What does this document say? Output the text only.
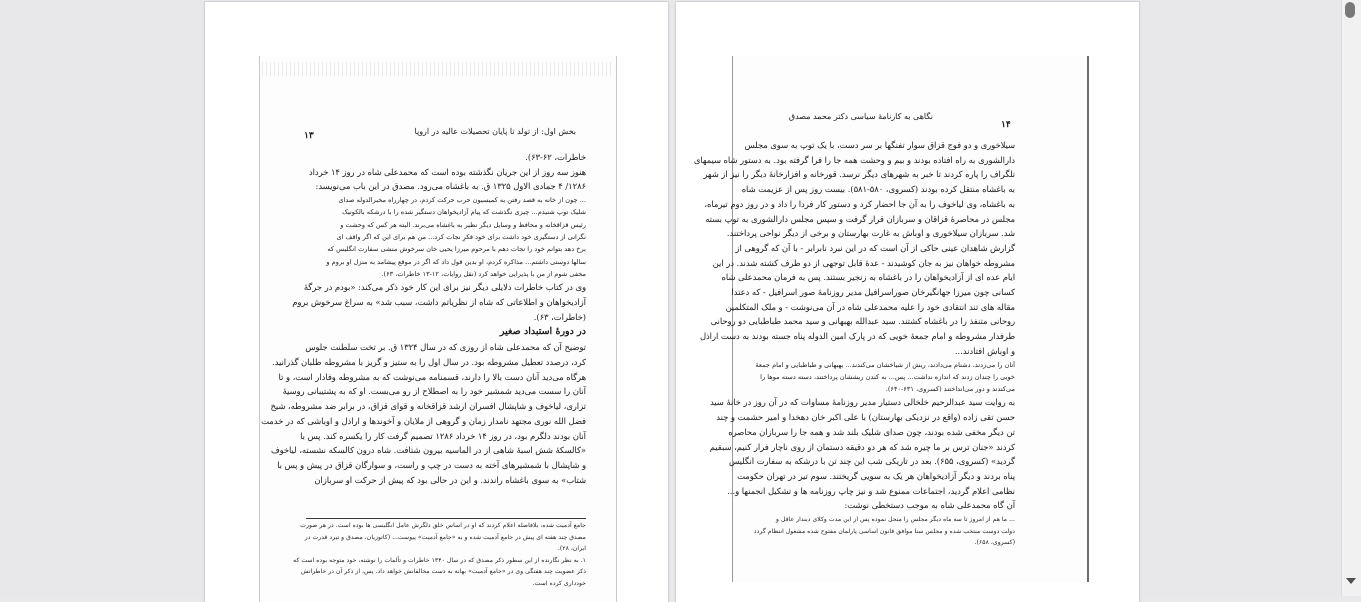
بخش اول: از تولد تا پایان تحصیلات عالیه در اروپا
۱۳
خاطرات، ۶۲-۶۳).
هنوز سه روز از این جریان نگذشته بوده است که محمدعلی شاه در روز ۱۴ خرداد
۱۲۸۶/ ۴ جمادی الاول ۱۳۲۵ ق. به باغشاه می‌رود. مصدق در این باب می‌نویسد:
... چون از خانه به قصد رفتن به کمیسیون حرب حرکت کردم، در چهارراه مخبرالدوله صدای
شلیک توپ شنیدم... چیزی نگذشت که پیام آزادیخواهان دستگیر شده را با درشکه بالکونیک
رئیس قزاقخانه و محافظ و وسایل دیگر نظیر به باغشاه می‌برند. البته هر کس که وحشت و
نگرانی از دستگیری خود داشت برای خود فکرِ نجات کرد... من هم برای این که اگر واقف ای
برخ دهد بتوانم خود را نجات دهم با مرحوم میرزا یحیی خان سرخوش منشی سفارت انگلیس که
سالها دوستی داشتم... مذاکره کردم، او بدین قول داد که اگر در موقع پیشامد به منزل او بروم و
مخفی شوم از من با پذیرایی خواهد کرد (نقل روایات، ۱۲-۱۳ خاطرات، ۶۳).
وی در کتاب خاطرات دلایلی دیگر نیز برای این کار خود ذکر می‌کند: «بودم در جرگهٔ
آزادیخواهان و اطلاعاتی که شاه از نظریاتم داشت، سبب شد» به سراغ سرخوش بروم
(خاطرات، ۶۳).
در دورهٔ استبداد صغیر
توضیح آن که محمدعلی شاه از روزی که در سال ۱۳۲۴ ق. بر تخت سلطنت جلوس
کرد، درصدد تعطیل مشروطه بود. در سال اول را به ستیز و گریز با مشروطه طلبان گذرانید.
هرگاه می‌دید آنان دست بالا را دارند، قسمنامه می‌نوشت که به مشروطه وفادار است، و تا
آنان را سست می‌دید شمشیر خود را به اصطلاح از رو می‌بست. او که به پشتیبانی روسیهٔ
تزاری، لیاخوف و شاپشال افسران ارشد قزاقخانه و قوای قزاق، در برابر ضد مشروطه، شیخ
فضل الله نوری مجتهد نامدار زمان و گروهی از ملایان و آخوندها و اراذل و اوباشی که در خدمت
آنان بودند دلگرم بود، در روز ۱۴ خرداد ۱۲۸۶ تصمیم گرفت کار را یکسره کند. پس با
«کالسکهٔ شش اسبهٔ شاهی از در الماسیه بیرون شتافت. شاه درون کالسکه نشسته، لیاخوف
و شاپشال با شمشیرهای آخته به دست در چپ و راست، و سوارگان قزاق در پیش و پس با
شتاب» به سوی باغشاه راندند. و این در حالی بود که پیش از حرکت او سربازان
جامع آدمیت شده، بلافاصله اعلام کردند که او در اساس خلق دلگرش عامل انگلیسی ها بوده است. در هر صورت
مصدق چند هفته ای پیش در جامع آدمیت شده و به «جامع آدمیت» پیوست... (کاتوزیان، مصدق و تبرد قدرت در
ایران، ۲۸).
۱. به نظر نگارنده از این سطور ذکر مصدق که در سال ۱۳۴۰ خاطرات و تألمات را نوشته، خود متوجه بوده است که
ذکر عضویت چند هفتگی وی در «جامع آدمیت» بهانه به دست مخالفانش خواهد داد. پس، از ذکر آن در خاطراتش
خودداری کرده است.
نگاهی به کارنامهٔ سیاسی دکتر محمد مصدق
۱۴
سیلاخوری و دو فوج قزاق سوار تفنگها بر سر دست، با یک توپ به سوی مجلس
دارالشوری به راه افتاده بودند و بیم و وحشت همه جا را فرا گرفته بود. به دستور شاه سیمهای
تلگراف را پاره کردند تا خبر به شهرهای دیگر نرسد. قورخانه و افزارخانهٔ دیگر را نیز از شهر
به باغشاه منتقل کرده بودند (کسروی، ۵۸۰-۵۸۱). بیست روز پس از عزیمت شاه
به باغشاه، وی لیاخوف را به آن جا احضار کرد و دستور کار فردا را داد و در روز دوم تیرماه،
مجلس در محاصرهٔ قزاقان و سربازان قرار گرفت و سپس مجلس دارالشوری به توپ بسته
شد. سربازان سیلاخوری و اوباش به غارت بهارستان و برخی از دیگر نواحی پرداختند.
گزارش شاهدان عینی حاکی از آن است که در این نبرد نابرابر - با آن که گروهی از
مشروطه خواهان نیز به جان کوشیدند - عدهٔ قابل توجهی از دو طرف کشته شدند. در این
ایام عده ای از آزادیخواهان را در باغشاه به زنجیر بستند. پس به فرمان محمدعلی شاه
کسانی چون میرزا جهانگیرخان صوراسرافیل مدیر روزنامهٔ صور اسرافیل - که دعتدا
مقاله های تند انتقادی خود را علیه محمدعلی شاه در آن می‌نوشت - و ملک المتکلمین
روحانی متنفذ را در باغشاه کشتند. سید عبدالله بهبهانی و سید محمد طباطبایی دو روحانی
طرفدار مشروطه و امام جمعهٔ خویی که در پارک امین الدوله پناه جسته بودند به دست اراذل
و اوباش افتادند...
آنان را می‌زدند، دشنام می‌دادند، ریش از شیاخشان می‌کندند... بهبهانی و طباطبایی و امام جمعهٔ
خویی را چندان زدند که اندازه نداشت... پس... به کندن ریششان پرداختند، دسته دسته موها را
می‌کندند و دور می‌انداختند (کسروی، ۶۳۱-۶۴۰).
به روایت سید عبدالرحیم خلخالی دستیار مدیر روزنامهٔ مساوات که در آن روز در خانهٔ سید
حسن تقی زاده (واقع در نزدیکی بهارستان) با علی اکبر خان دهخدا و امیر حشمت و چند
تن دیگر مخفی شده بودند، چون صدای شلیک بلند شد و همه جا را سربازان محاصره
کردند «جنان ترس بر ما چیره شد که هر دو دقیقه دستمان از روی ناچار فرار کنیم، سبقیم
گردید» (کسروی، ۶۵۵). بعد در تاریکی شب این چند تن با درشکه به سفارت انگلیس
پناه بردند و دیگر آزادیخواهان هر یک به سویی گریختند. سوم تیر در تهران حکومت
نظامی اعلام گردید، اجتماعات ممنوع شد و نیز چاپ روزنامه ها و تشکیل انجمنها و...
آن گاه محمدعلی شاه به موجب دستخطی نوشت:
... ما هم از امروز تا سه ماه دیگر مجلس را منحل نموده پس از این مدت وکلای دیندار عاقل و
دولت دوست منتخب شده و مجلس سنا موافق قانون اساسی پارلمان مفتوح شده مشغول انتظام گردد
(کسروی، ۶۵۸).
